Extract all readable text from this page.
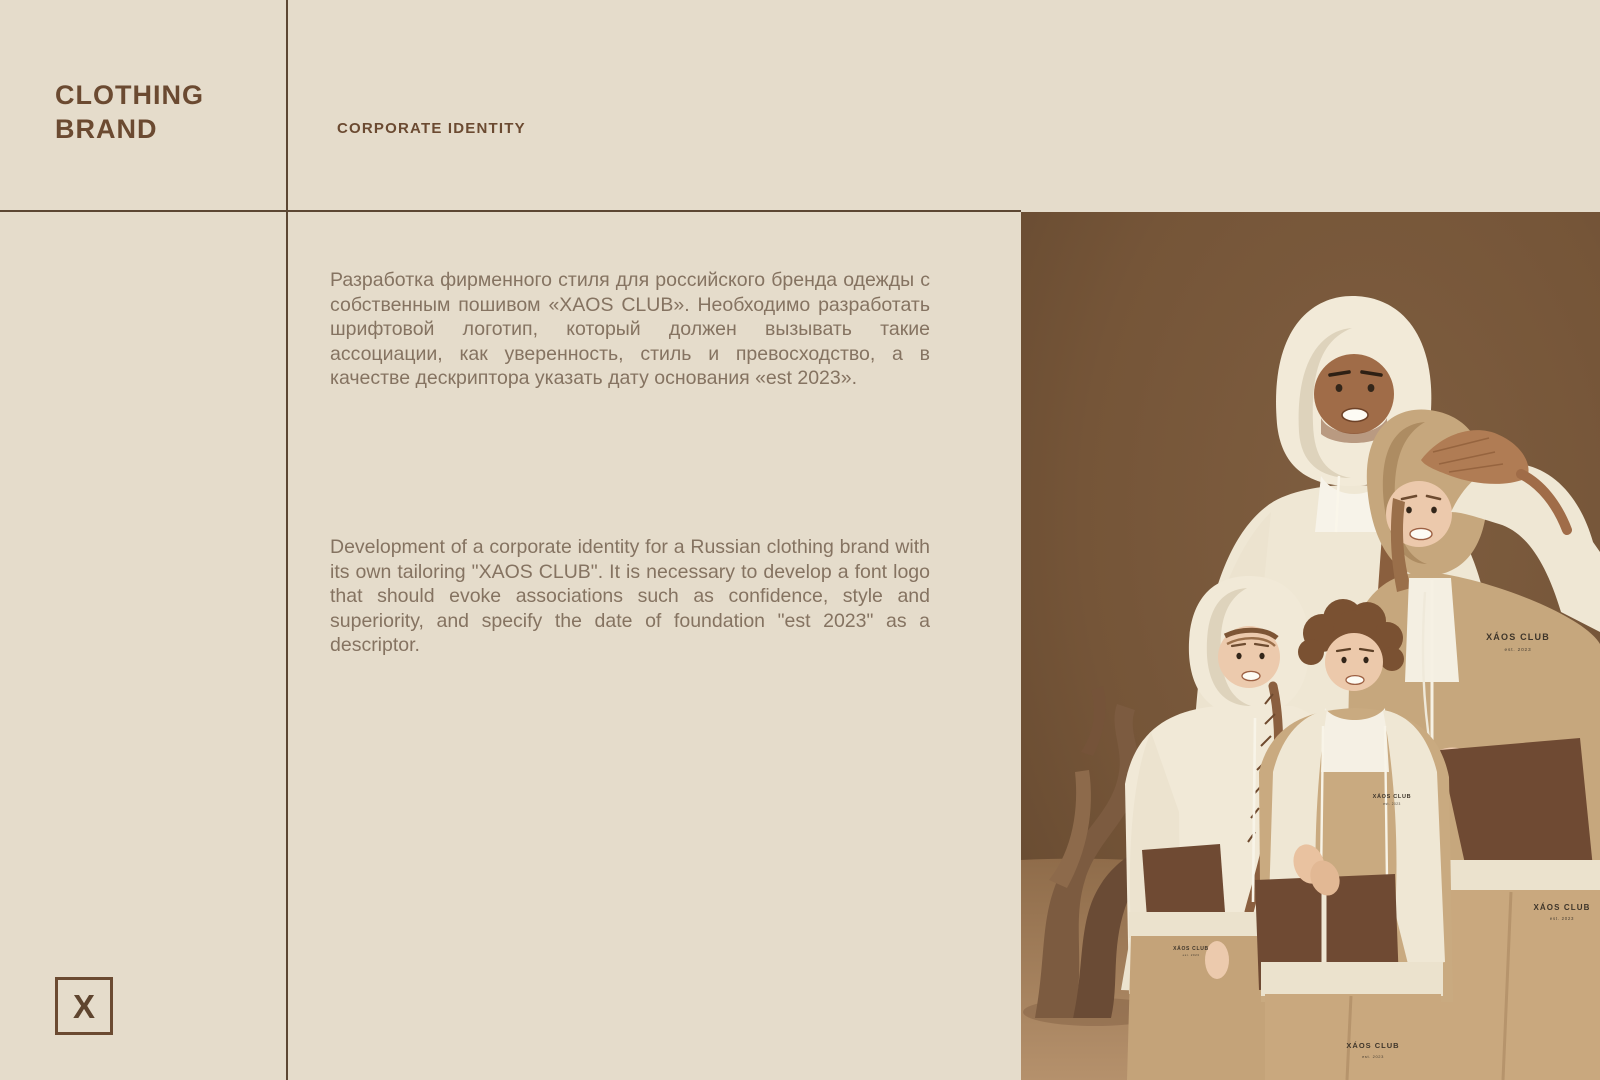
CLOTHING BRAND	CORPORATE IDENTITY
Разработка фирменного стиля для российского бренда одежды с собственным пошивом «XAOS CLUB». Необходимо разработать шрифтовой логотип, который должен вызывать такие ассоциации, как уверенность, стиль и превосходство, а в качестве дескриптора указать дату основания «est 2023».
Development of a corporate identity for a Russian clothing brand with its own tailoring "XAOS CLUB". It is necessary to develop a font logo that should evoke associations such as confidence, style and superiority, and specify the date of foundation "est 2023" as a descriptor.
X
XÁOS CLUB
est. 2023
XÁOS CLUB
est. 2023
XÁOS CLUB
est. 2023
XÁOS CLUB
est. 2023
XÁOS CLUB
est. 2023
